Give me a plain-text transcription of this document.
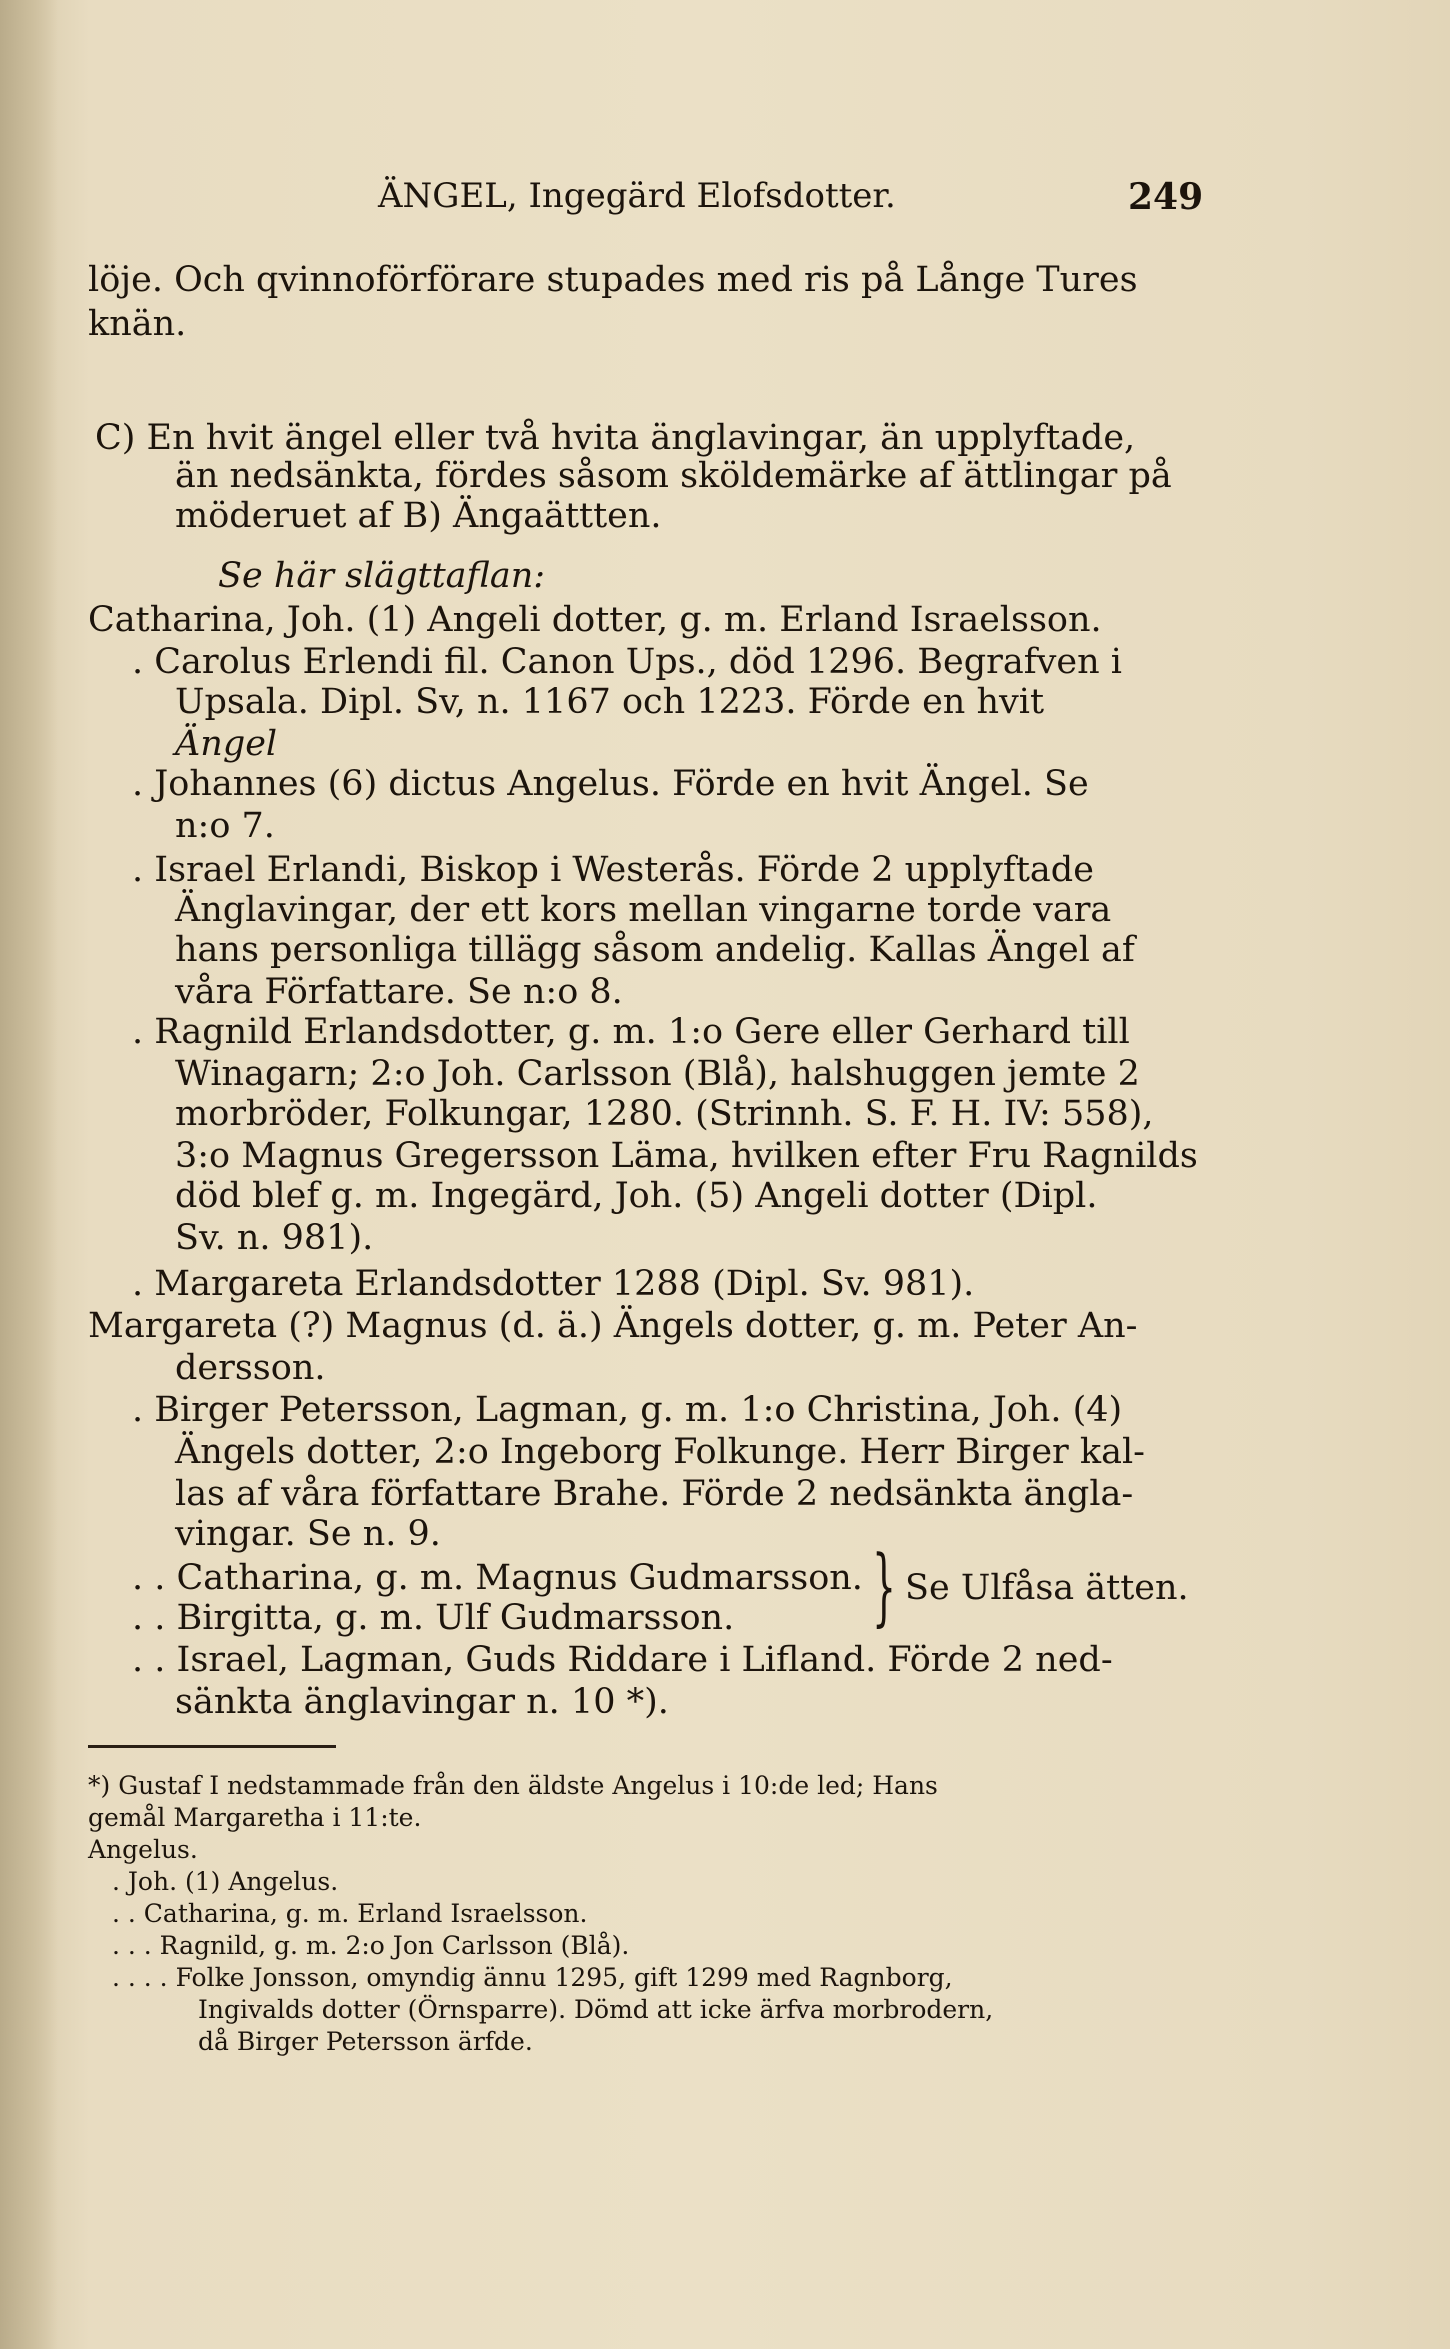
ÄNGEL, Ingegärd Elofsdotter.	249
löje. Och qvinnoförförare stupades med ris på Långe Tures
knän.
C) En hvit ängel eller två hvita änglavingar, än upplyftade,
än nedsänkta, fördes såsom sköldemärke af ättlingar på
möderuet af B) Ängaättten.
Se här slägttaflan:
Catharina, Joh. (1) Angeli dotter, g. m. Erland Israelsson.
. Carolus Erlendi fil. Canon Ups., död 1296. Begrafven i
Upsala. Dipl. Sv, n. 1167 och 1223. Förde en hvit
Ängel
. Johannes (6) dictus Angelus. Förde en hvit Ängel. Se
n:o 7.
. Israel Erlandi, Biskop i Westerås. Förde 2 upplyftade
Änglavingar, der ett kors mellan vingarne torde vara
hans personliga tillägg såsom andelig. Kallas Ängel af
våra Författare. Se n:o 8.
. Ragnild Erlandsdotter, g. m. 1:o Gere eller Gerhard till
Winagarn; 2:o Joh. Carlsson (Blå), halshuggen jemte 2
morbröder, Folkungar, 1280. (Strinnh. S. F. H. IV: 558),
3:o Magnus Gregersson Läma, hvilken efter Fru Ragnilds
död blef g. m. Ingegärd, Joh. (5) Angeli dotter (Dipl.
Sv. n. 981).
. Margareta Erlandsdotter 1288 (Dipl. Sv. 981).
Margareta (?) Magnus (d. ä.) Ängels dotter, g. m. Peter An-
dersson.
. Birger Petersson, Lagman, g. m. 1:o Christina, Joh. (4)
Ängels dotter, 2:o Ingeborg Folkunge. Herr Birger kal-
las af våra författare Brahe. Förde 2 nedsänkta ängla-
vingar. Se n. 9.
. . Catharina, g. m. Magnus Gudmarsson.
. . Birgitta, g. m. Ulf Gudmarsson. } Se Ulfåsa ätten.
. . Israel, Lagman, Guds Riddare i Lifland. Förde 2 ned-
sänkta änglavingar n. 10 *).
*) Gustaf I nedstammade från den äldste Angelus i 10:de led; Hans
gemål Margaretha i 11:te.
Angelus.
. Joh. (1) Angelus.
. . Catharina, g. m. Erland Israelsson.
. . . Ragnild, g. m. 2:o Jon Carlsson (Blå).
. . . . Folke Jonsson, omyndig ännu 1295, gift 1299 med Ragnborg,
Ingivalds dotter (Örnsparre). Dömd att icke ärfva morbrodern,
då Birger Petersson ärfde.
